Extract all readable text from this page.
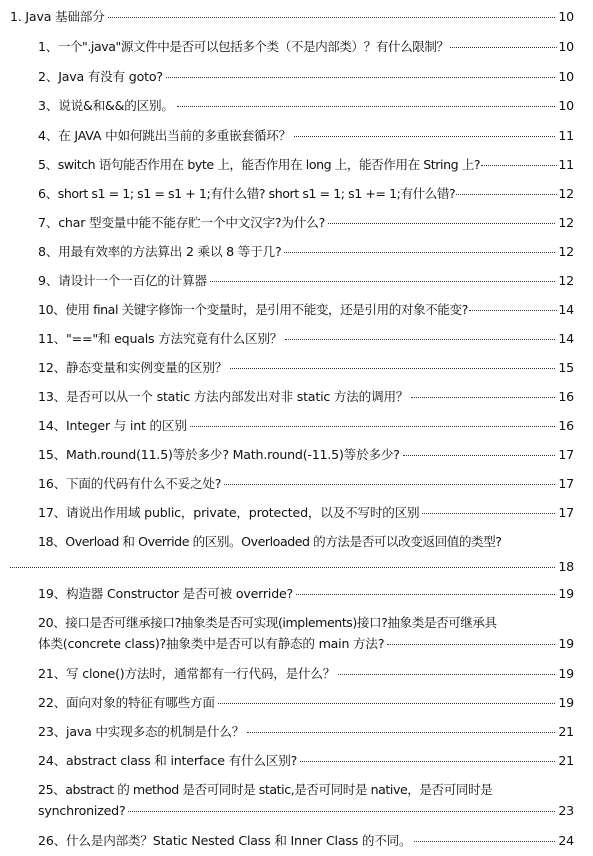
1. Java 基础部分	10
1、一个".java"源文件中是否可以包括多个类（不是内部类）？有什么限制？	10
2、Java 有没有 goto?	10
3、说说&和&&的区别。	10
4、在 JAVA 中如何跳出当前的多重嵌套循环？	11
5、switch 语句能否作用在 byte 上，能否作用在 long 上，能否作用在 String 上?	11
6、short s1 = 1; s1 = s1 + 1;有什么错? short s1 = 1; s1 += 1;有什么错?	12
7、char 型变量中能不能存贮一个中文汉字?为什么?	12
8、用最有效率的方法算出 2 乘以 8 等于几?	12
9、请设计一个一百亿的计算器	12
10、使用 final 关键字修饰一个变量时，是引用不能变，还是引用的对象不能变?	14
11、"=="和 equals 方法究竟有什么区别？	14
12、静态变量和实例变量的区别？	15
13、是否可以从一个 static 方法内部发出对非 static 方法的调用？	16
14、Integer 与 int 的区别	16
15、Math.round(11.5)等於多少? Math.round(-11.5)等於多少?	17
16、下面的代码有什么不妥之处?	17
17、请说出作用域 public，private，protected，以及不写时的区别	17
18、Overload 和 Override 的区别。Overloaded 的方法是否可以改变返回值的类型?
18
19、构造器 Constructor 是否可被 override?	19
20、接口是否可继承接口?抽象类是否可实现(implements)接口?抽象类是否可继承具
体类(concrete class)?抽象类中是否可以有静态的 main 方法?	19
21、写 clone()方法时，通常都有一行代码，是什么？	19
22、面向对象的特征有哪些方面	19
23、java 中实现多态的机制是什么？	21
24、abstract class 和 interface 有什么区别?	21
25、abstract 的 method 是否可同时是 static,是否可同时是 native，是否可同时是
synchronized?	23
26、什么是内部类？Static Nested Class 和 Inner Class 的不同。	24
